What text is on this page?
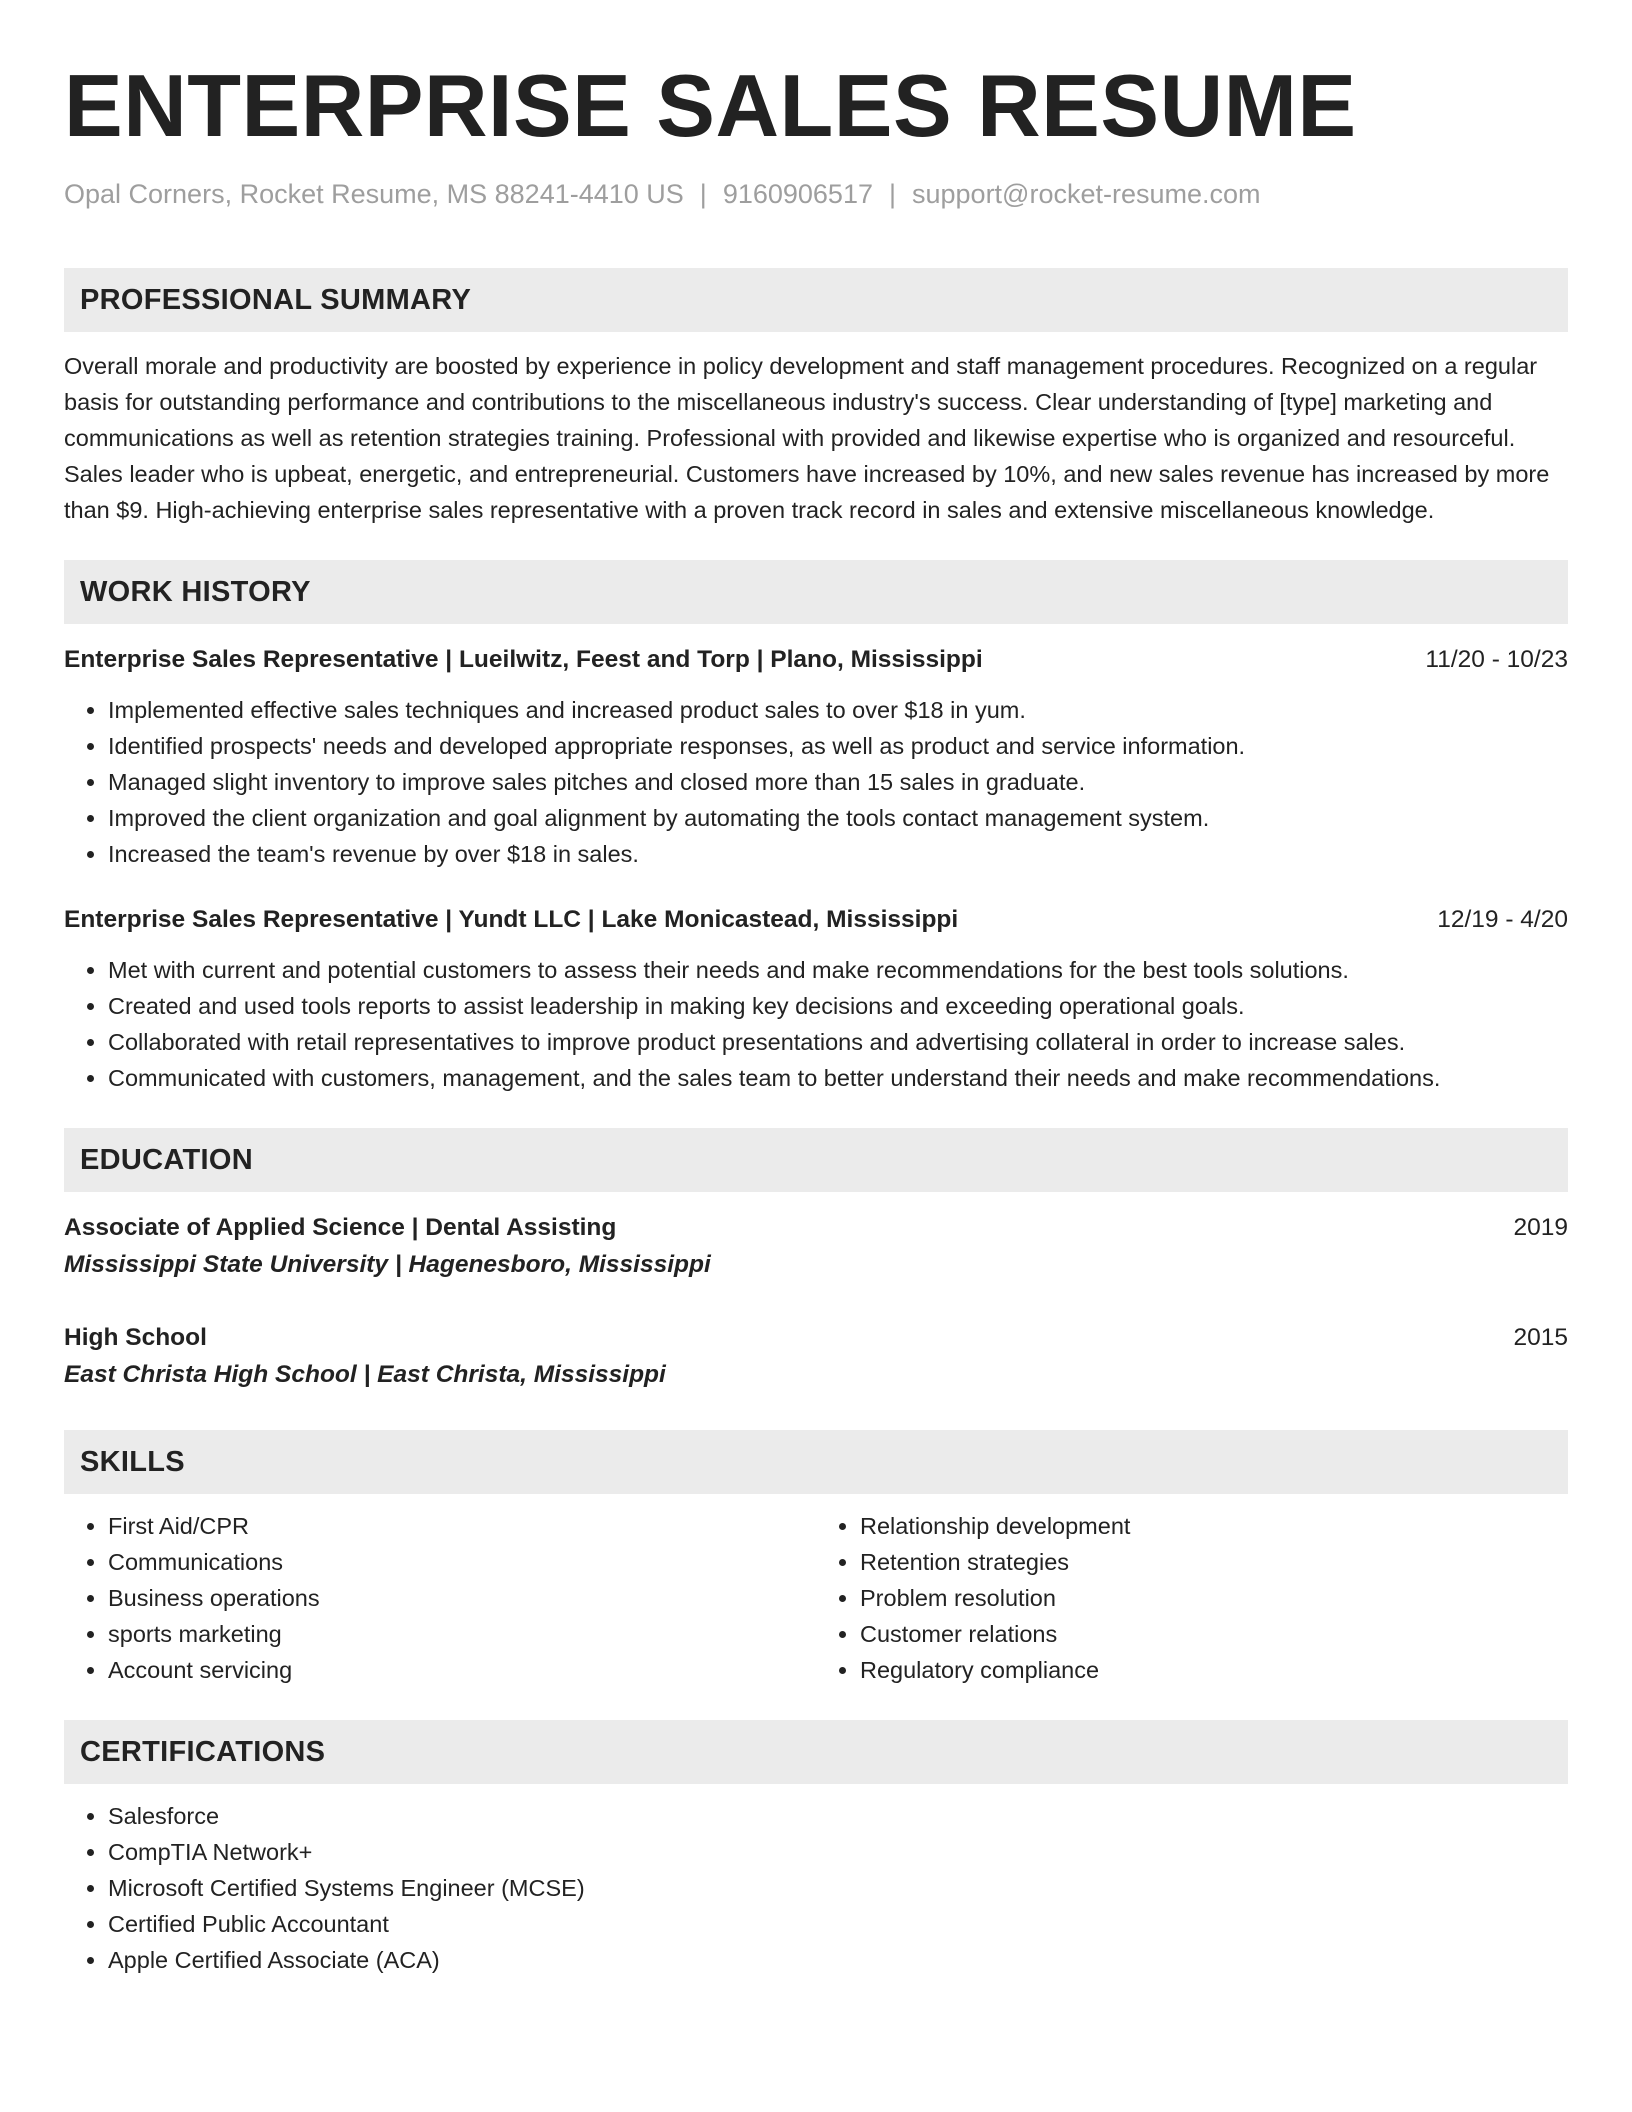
ENTERPRISE SALES RESUME
Opal Corners, Rocket Resume, MS 88241-4410 US | 9160906517 | support@rocket-resume.com
PROFESSIONAL SUMMARY

Overall morale and productivity are boosted by experience in policy development and staff management procedures. Recognized on a regular basis for outstanding performance and contributions to the miscellaneous industry's success. Clear understanding of [type] marketing and communications as well as retention strategies training. Professional with provided and likewise expertise who is organized and resourceful. Sales leader who is upbeat, energetic, and entrepreneurial. Customers have increased by 10%, and new sales revenue has increased by more than $9. High-achieving enterprise sales representative with a proven track record in sales and extensive miscellaneous knowledge.

WORK HISTORY
Enterprise Sales Representative | Lueilwitz, Feest and Torp | Plano, Mississippi	11/20 - 10/23
• Implemented effective sales techniques and increased product sales to over $18 in yum.
• Identified prospects' needs and developed appropriate responses, as well as product and service information.
• Managed slight inventory to improve sales pitches and closed more than 15 sales in graduate.
• Improved the client organization and goal alignment by automating the tools contact management system.
• Increased the team's revenue by over $18 in sales.
Enterprise Sales Representative | Yundt LLC | Lake Monicastead, Mississippi	12/19 - 4/20
• Met with current and potential customers to assess their needs and make recommendations for the best tools solutions.
• Created and used tools reports to assist leadership in making key decisions and exceeding operational goals.
• Collaborated with retail representatives to improve product presentations and advertising collateral in order to increase sales.
• Communicated with customers, management, and the sales team to better understand their needs and make recommendations.
EDUCATION
Associate of Applied Science | Dental Assisting	2019
Mississippi State University | Hagenesboro, Mississippi
High School	2015
East Christa High School | East Christa, Mississippi
SKILLS
• First Aid/CPR
• Communications
• Business operations
• sports marketing
• Account servicing
• Relationship development
• Retention strategies
• Problem resolution
• Customer relations
• Regulatory compliance
CERTIFICATIONS
• Salesforce
• CompTIA Network+
• Microsoft Certified Systems Engineer (MCSE)
• Certified Public Accountant
• Apple Certified Associate (ACA)
